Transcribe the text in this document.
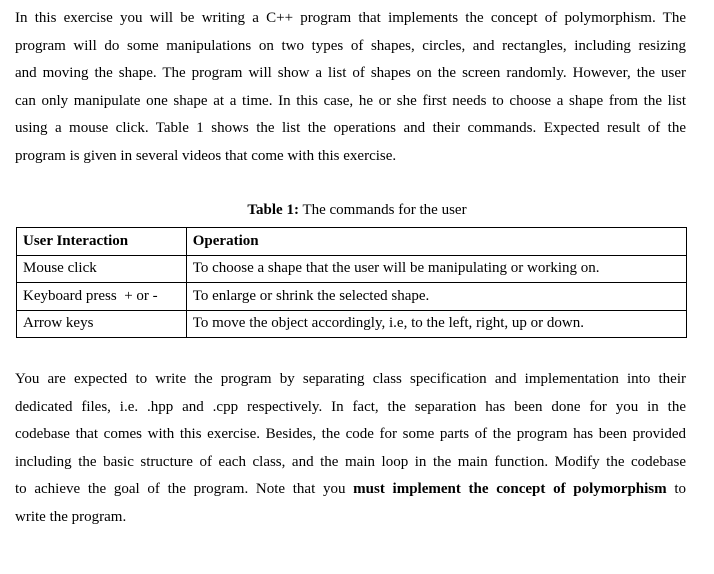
In this exercise you will be writing a C++ program that implements the concept of polymorphism. The
program will do some manipulations on two types of shapes, circles, and rectangles, including resizing
and moving the shape. The program will show a list of shapes on the screen randomly. However, the user
can only manipulate one shape at a time. In this case, he or she first needs to choose a shape from the list
using a mouse click. Table 1 shows the list the operations and their commands. Expected result of the
program is given in several videos that come with this exercise.
Table 1: The commands for the user
User Interaction	Operation
Mouse click	To choose a shape that the user will be manipulating or working on.
Keyboard press  + or -	To enlarge or shrink the selected shape.
Arrow keys	To move the object accordingly, i.e, to the left, right, up or down.
You are expected to write the program by separating class specification and implementation into their
dedicated files, i.e. .hpp and .cpp respectively. In fact, the separation has been done for you in the
codebase that comes with this exercise. Besides, the code for some parts of the program has been provided
including the basic structure of each class, and the main loop in the main function. Modify the codebase
to achieve the goal of the program. Note that you must implement the concept of polymorphism to
write the program.
